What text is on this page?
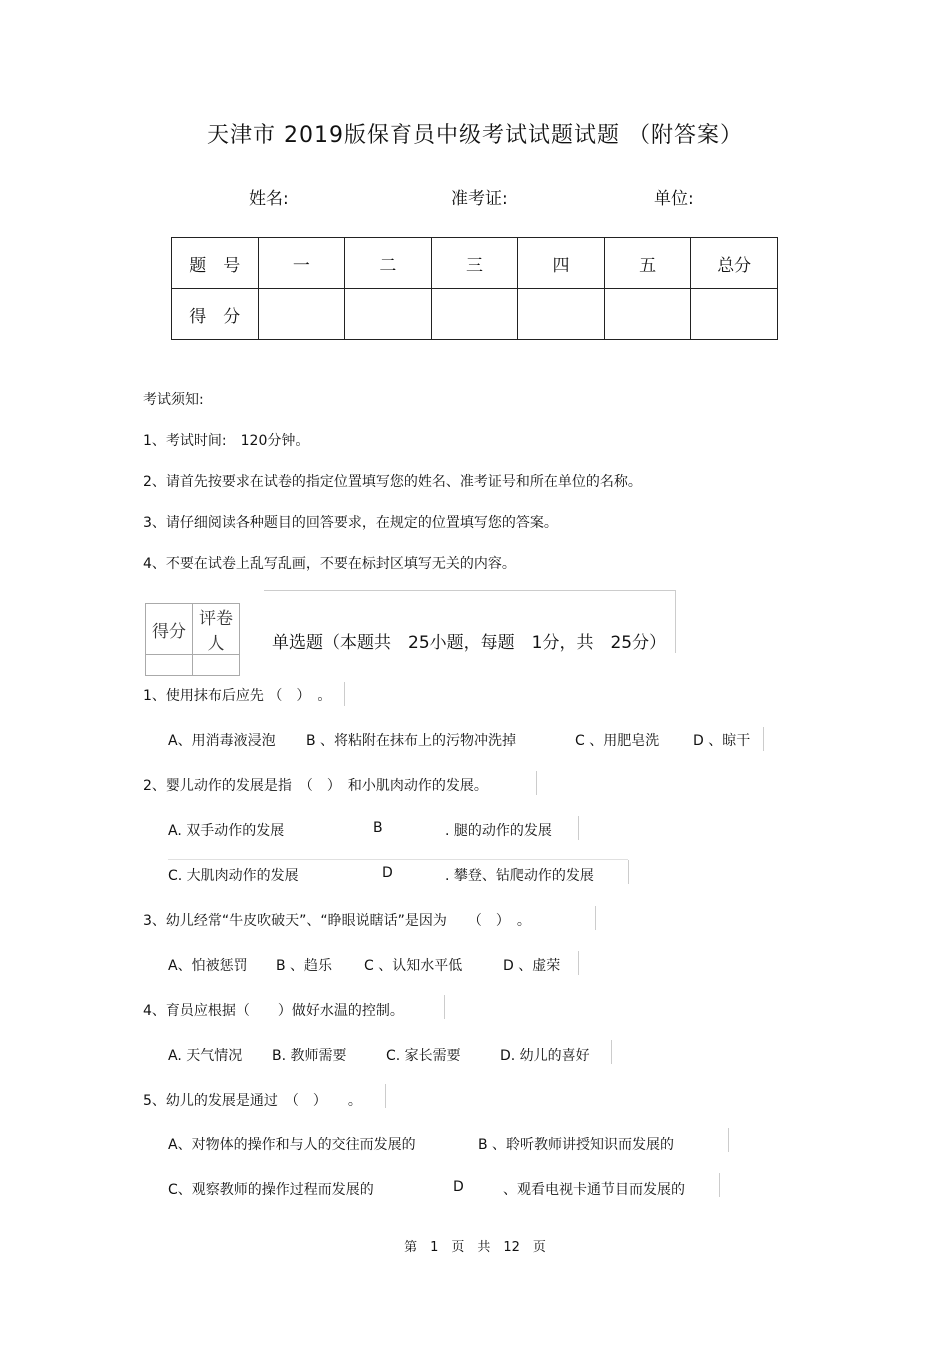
天津市 2019版保育员中级考试试题试题 （附答案）
姓名:	准考证:	单位:
题　号	一	二	三	四	五	总分
得　分						
考试须知:
1、考试时间:　120分钟。
2、请首先按要求在试卷的指定位置填写您的姓名、准考证号和所在单位的名称。
3、请仔细阅读各种题目的回答要求，在规定的位置填写您的答案。
4、不要在试卷上乱写乱画，不要在标封区填写无关的内容。
得分	评卷人
		单选题（本题共　25小题，每题　1分，共　25分）
1、使用抹布后应先 （　）　。
A、用消毒液浸泡 B 、将粘附在抹布上的污物冲洗掉	C 、用肥皂洗 D 、晾干
2、婴儿动作的发展是指　（　）　和小肌肉动作的发展。
A. 双手动作的发展	B	. 腿的动作的发展
C. 大肌肉动作的发展	D	. 攀登、钻爬动作的发展
3、幼儿经常“牛皮吹破天”、“睁眼说瞎话”是因为　　（　）　。
A、怕被惩罚 B 、趋乐 C 、认知水平低	D 、虚荣
4、育员应根据（　　）做好水温的控制。
A. 天气情况 B. 教师需要	C. 家长需要	D. 幼儿的喜好
5、幼儿的发展是通过　（　）　　。
A、对物体的操作和与人的交往而发展的	B 、聆听教师讲授知识而发展的
C、观察教师的操作过程而发展的	D	、观看电视卡通节目而发展的
第　1　页　共　12　页
